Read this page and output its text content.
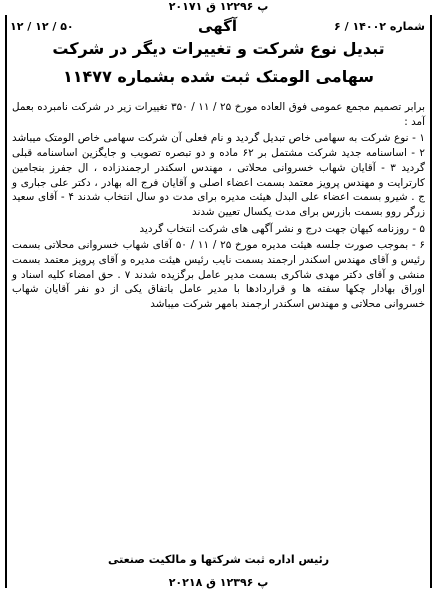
پ ۱۲۲۹۶ ق ۲۰۱۷۱
شماره ۱۴۰۰۲ / ۶
آگهی
۱۲ / ۱۲ / ۵۰
تبدیل نوع شرکت و تغییرات دیگر در شرکت
سهامی الومتک ثبت شده بشماره ۱۱۴۷۷

برابر تصمیم مجمع عمومی فوق العاده مورخ ۲۵ / ۱۱ / ۳۵۰ تغییرات زیر در شرکت نامبرده بعمل آمد :

۱ - نوع شرکت به سهامی خاص تبدیل گردید و نام فعلی آن شرکت سهامی خاص الومتک میباشد ۲ - اساسنامه جدید شرکت مشتمل بر ۶۲ ماده و دو تبصره تصویب و جایگزین اساسنامه قبلی گردید ۳ - آقایان شهاب خسروانی محلاتی ، مهندس اسکندر ارجمندزاده ، ال جفرز بنجامین کارترایت و مهندس پرویز معتمد بسمت اعضاء اصلی و آقایان فرج اله بهادر ، دکتر علی جباری و ج . شیرو بسمت اعضاء علی البدل هیئت مدیره برای مدت دو سال انتخاب شدند ۴ - آقای سعید زرگر روو بسمت بازرس برای مدت یکسال تعیین شدند

۵ - روزنامه کیهان جهت درج و نشر آگهی های شرکت انتخاب گردید

۶ - بموجب صورت جلسه هیئت مدیره مورخ ۲۵ / ۱۱ / ۵۰ آقای شهاب خسروانی محلاتی بسمت رئیس و آقای مهندس اسکندر ارجمند بسمت نایب رئیس هیئت مدیره و آقای پرویز معتمد بسمت منشی و آقای دکتر مهدی شاکری بسمت مدیر عامل برگزیده شدند ۷ . حق امضاء کلیه اسناد و اوراق بهادار چکها سفته ها و قراردادها با مدیر عامل باتفاق یکی از دو نفر آقایان شهاب خسروانی محلاتی و مهندس اسکندر ارجمند بامهر شرکت میباشد

رئیس اداره ثبت شرکتها و مالکیت صنعتی
پ ۱۲۳۹۶ ق ۲۰۲۱۸
